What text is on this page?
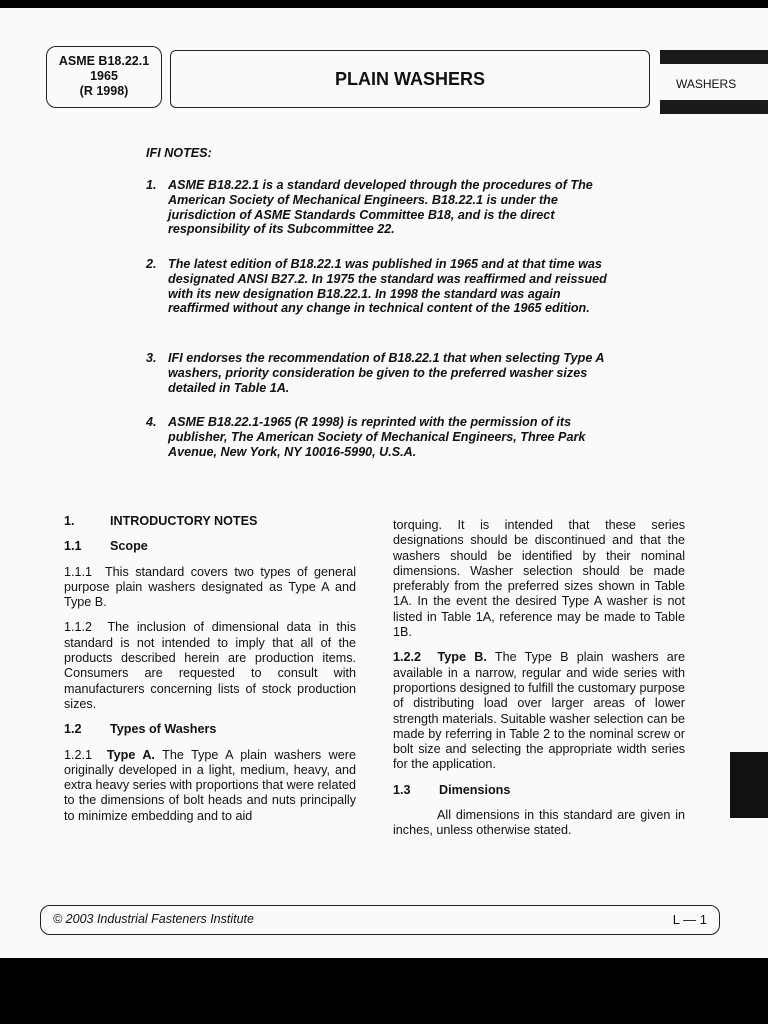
ASME B18.22.1
1965
(R 1998)
PLAIN WASHERS	WASHERS
IFI NOTES:
1. ASME B18.22.1 is a standard developed through the procedures of The American Society of Mechanical Engineers. B18.22.1 is under the jurisdiction of ASME Standards Committee B18, and is the direct responsibility of its Subcommittee 22.
2. The latest edition of B18.22.1 was published in 1965 and at that time was designated ANSI B27.2. In 1975 the standard was reaffirmed and reissued with its new designation B18.22.1. In 1998 the standard was again reaffirmed without any change in technical content of the 1965 edition.
3. IFI endorses the recommendation of B18.22.1 that when selecting Type A washers, priority consideration be given to the preferred washer sizes detailed in Table 1A.
4. ASME B18.22.1-1965 (R 1998) is reprinted with the permission of its publisher, The American Society of Mechanical Engineers, Three Park Avenue, New York, NY 10016-5990, U.S.A.
1.	INTRODUCTORY NOTES
1.1 Scope

1.1.1 This standard covers two types of general purpose plain washers designated as Type A and Type B.

1.1.2 The inclusion of dimensional data in this standard is not intended to imply that all of the products described herein are production items. Consumers are requested to consult with manufacturers concerning lists of stock production sizes.

1.2 Types of Washers

1.2.1 Type A. The Type A plain washers were originally developed in a light, medium, heavy, and extra heavy series with proportions that were related to the dimensions of bolt heads and nuts principally to minimize embedding and to aid

torquing. It is intended that these series designations should be discontinued and that the washers should be identified by their nominal dimensions. Washer selection should be made preferably from the preferred sizes shown in Table 1A. In the event the desired Type A washer is not listed in Table 1A, reference may be made to Table 1B.

1.2.2 Type B. The Type B plain washers are available in a narrow, regular and wide series with proportions designed to fulfill the customary purpose of distributing load over larger areas of lower strength materials. Suitable washer selection can be made by referring in Table 2 to the nominal screw or bolt size and selecting the appropriate width series for the application.

1.3 Dimensions

All dimensions in this standard are given in inches, unless otherwise stated.

© 2003 Industrial Fasteners Institute	L — 1
